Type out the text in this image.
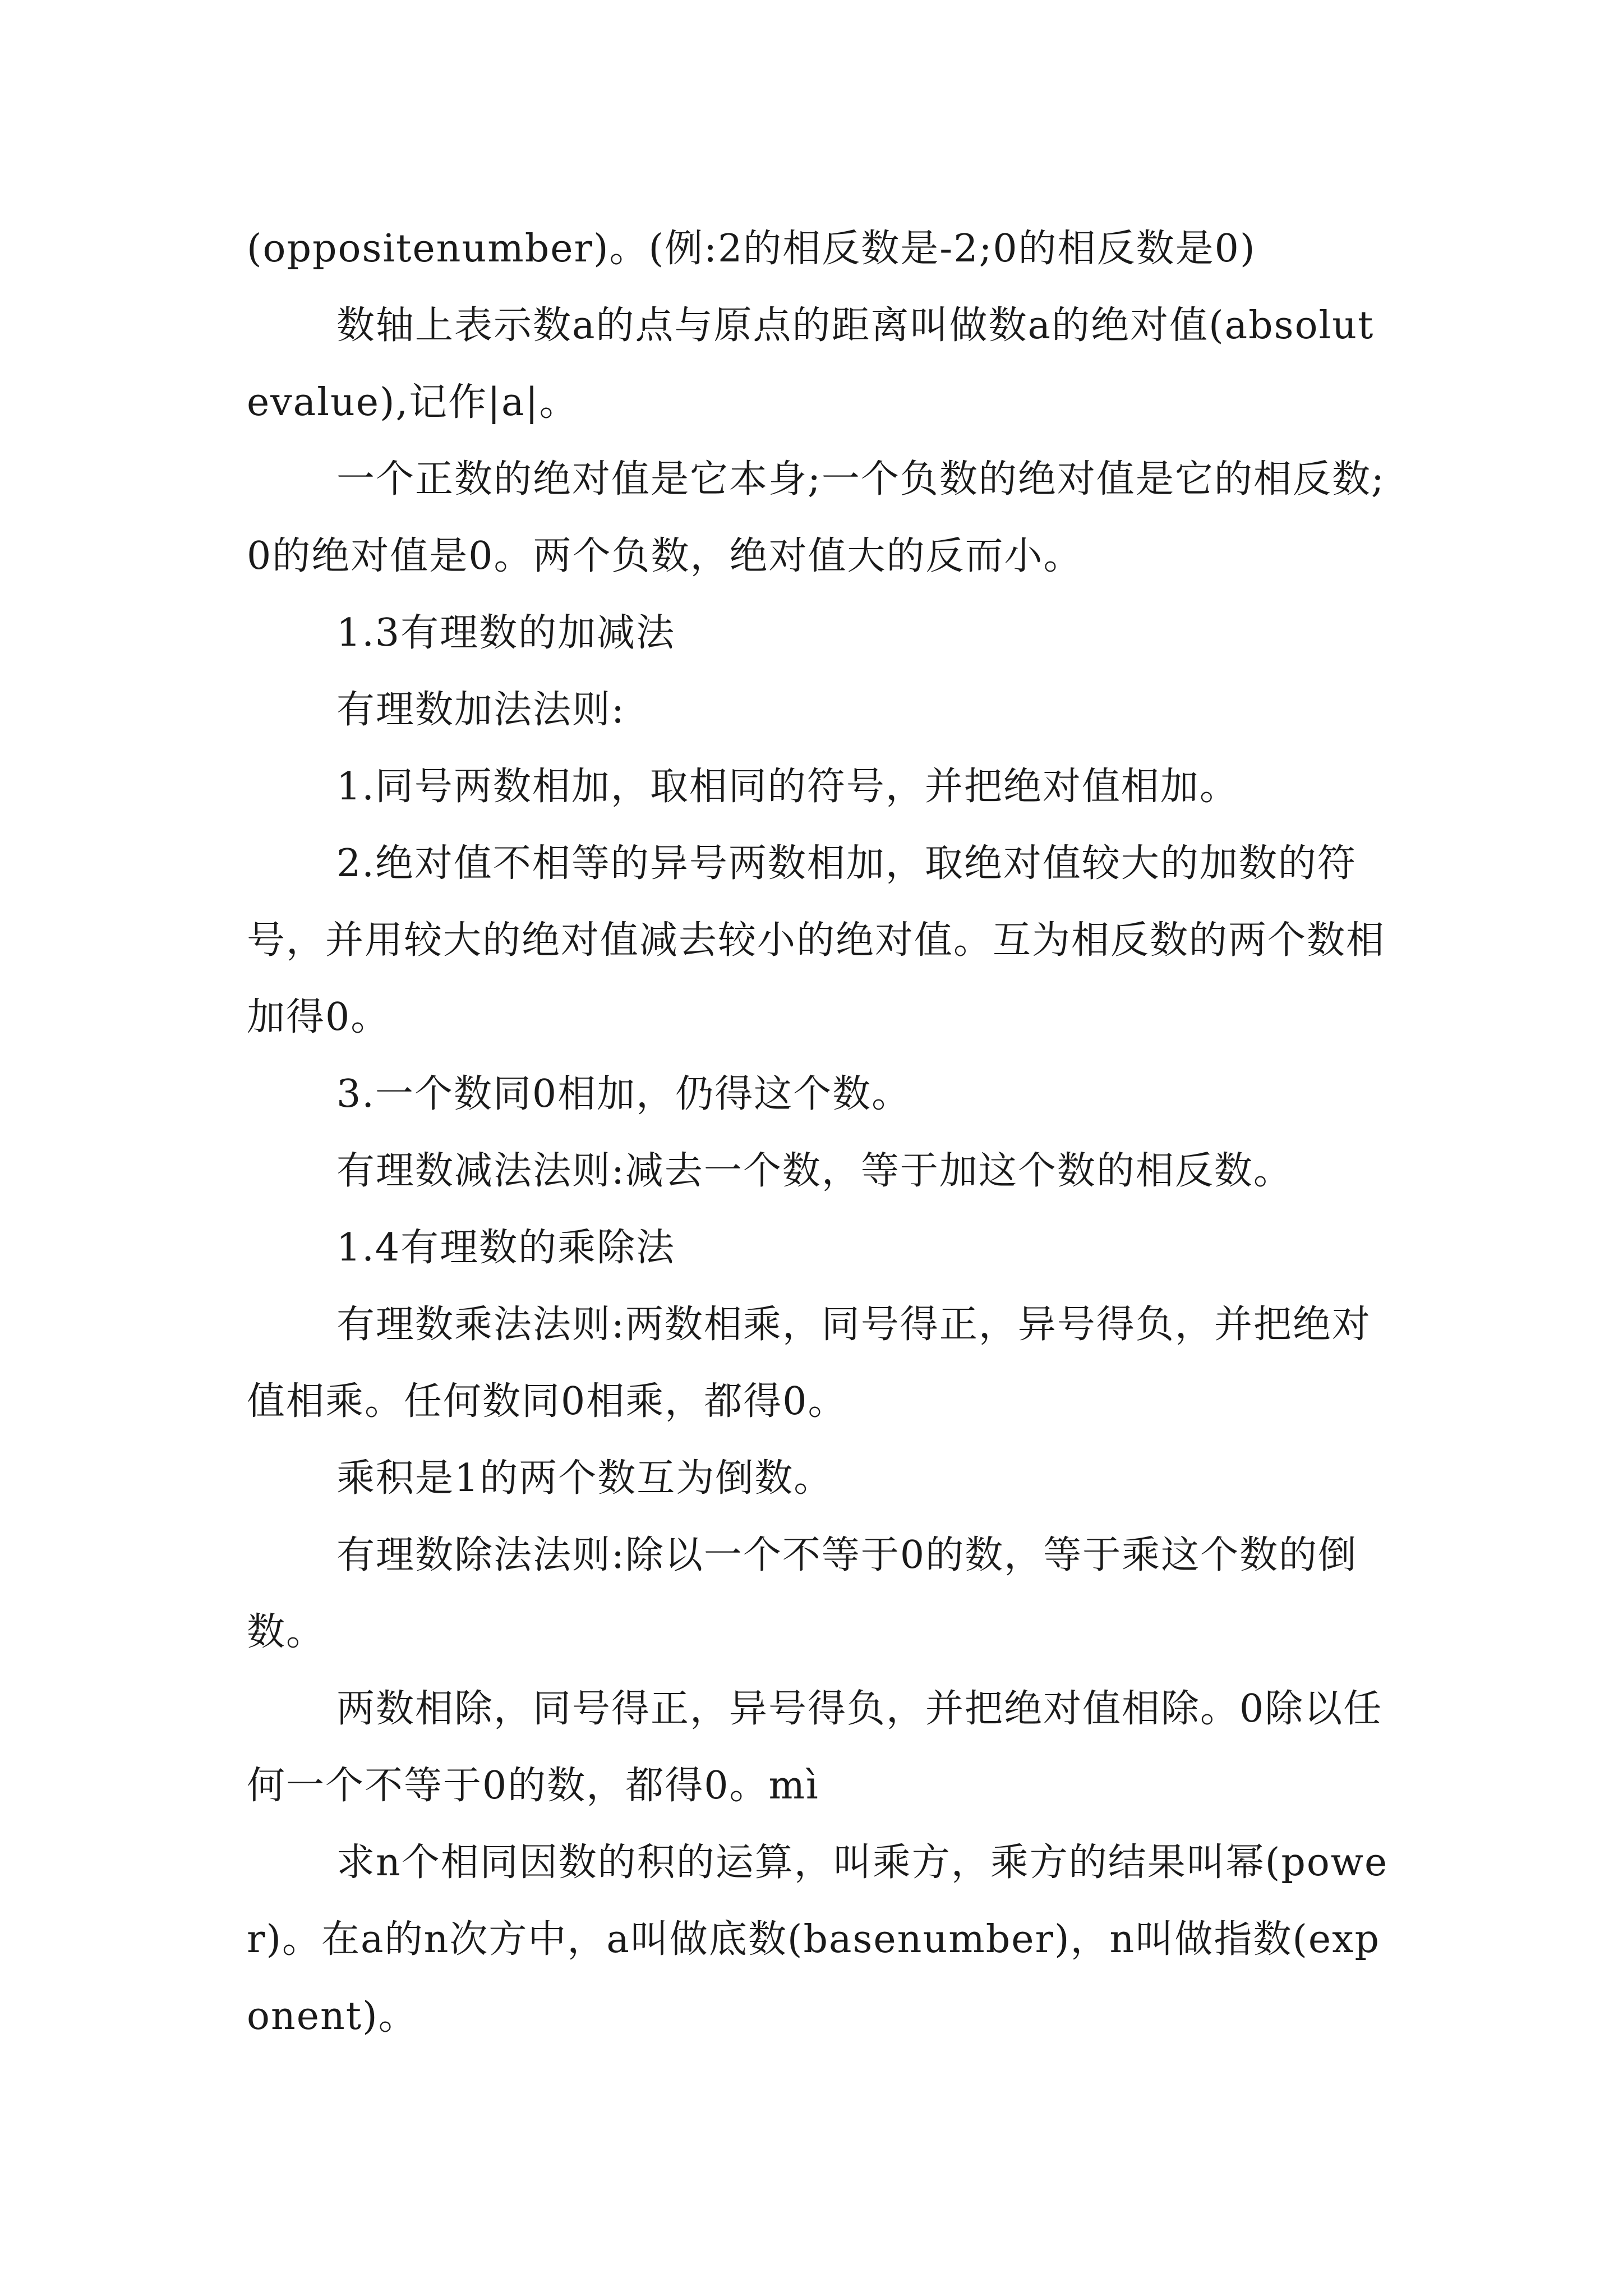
(oppositenumber)。(例:2的相反数是-2;0的相反数是0)

数轴上表示数a的点与原点的距离叫做数a的绝对值(absolutevalue),记作|a|。

一个正数的绝对值是它本身;一个负数的绝对值是它的相反数;0的绝对值是0。两个负数，绝对值大的反而小。

1.3有理数的加减法

有理数加法法则:

1.同号两数相加，取相同的符号，并把绝对值相加。

2.绝对值不相等的异号两数相加，取绝对值较大的加数的符号，并用较大的绝对值减去较小的绝对值。互为相反数的两个数相加得0。

3.一个数同0相加，仍得这个数。

有理数减法法则:减去一个数，等于加这个数的相反数。

1.4有理数的乘除法

有理数乘法法则:两数相乘，同号得正，异号得负，并把绝对值相乘。任何数同0相乘，都得0。

乘积是1的两个数互为倒数。

有理数除法法则:除以一个不等于0的数，等于乘这个数的倒数。

两数相除，同号得正，异号得负，并把绝对值相除。0除以任何一个不等于0的数，都得0。mì

求n个相同因数的积的运算，叫乘方，乘方的结果叫幂(power)。在a的n次方中，a叫做底数(basenumber)，n叫做指数(exponent)。
